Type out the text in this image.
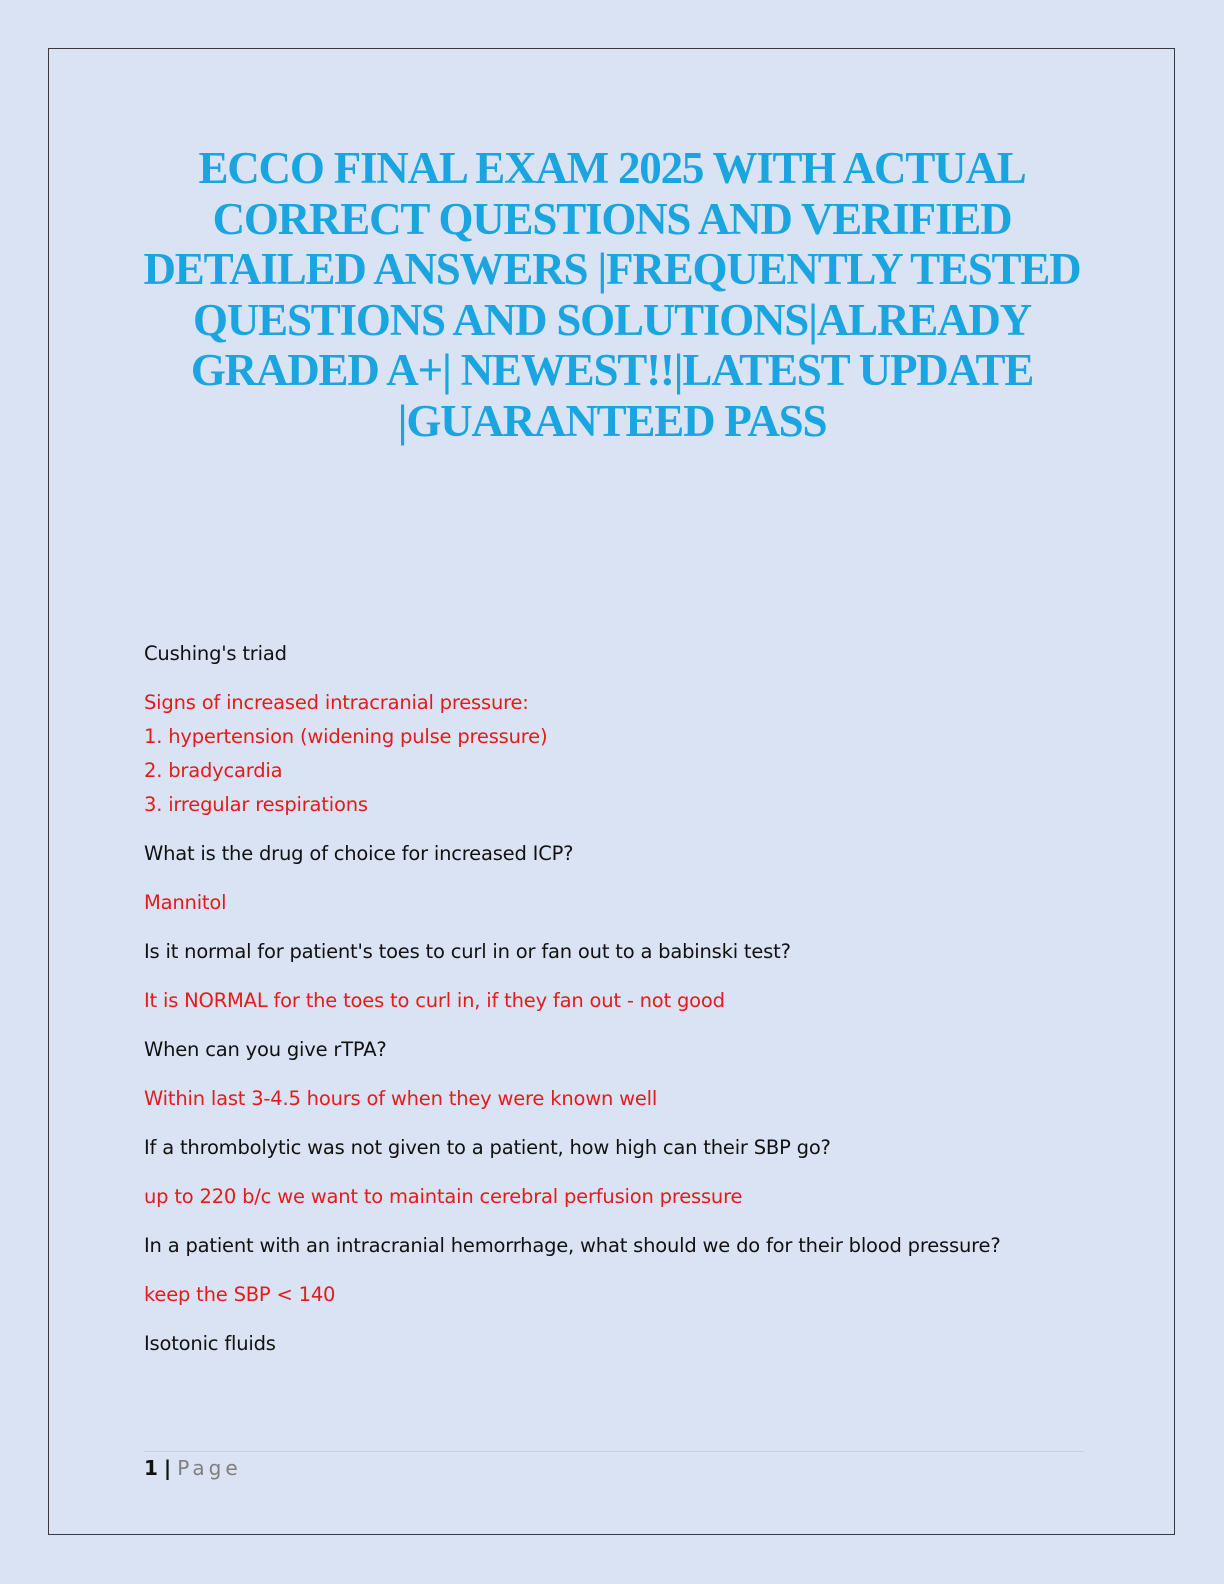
ECCO FINAL EXAM 2025 WITH ACTUAL CORRECT QUESTIONS AND VERIFIED DETAILED ANSWERS |FREQUENTLY TESTED QUESTIONS AND SOLUTIONS|ALREADY GRADED A+| NEWEST!!|LATEST UPDATE |GUARANTEED PASS

Cushing's triad

Signs of increased intracranial pressure:
1. hypertension (widening pulse pressure)
2. bradycardia
3. irregular respirations

What is the drug of choice for increased ICP?

Mannitol

Is it normal for patient's toes to curl in or fan out to a babinski test?

It is NORMAL for the toes to curl in, if they fan out - not good

When can you give rTPA?

Within last 3-4.5 hours of when they were known well

If a thrombolytic was not given to a patient, how high can their SBP go?

up to 220 b/c we want to maintain cerebral perfusion pressure

In a patient with an intracranial hemorrhage, what should we do for their blood pressure?

keep the SBP < 140

Isotonic fluids

1 | Page
